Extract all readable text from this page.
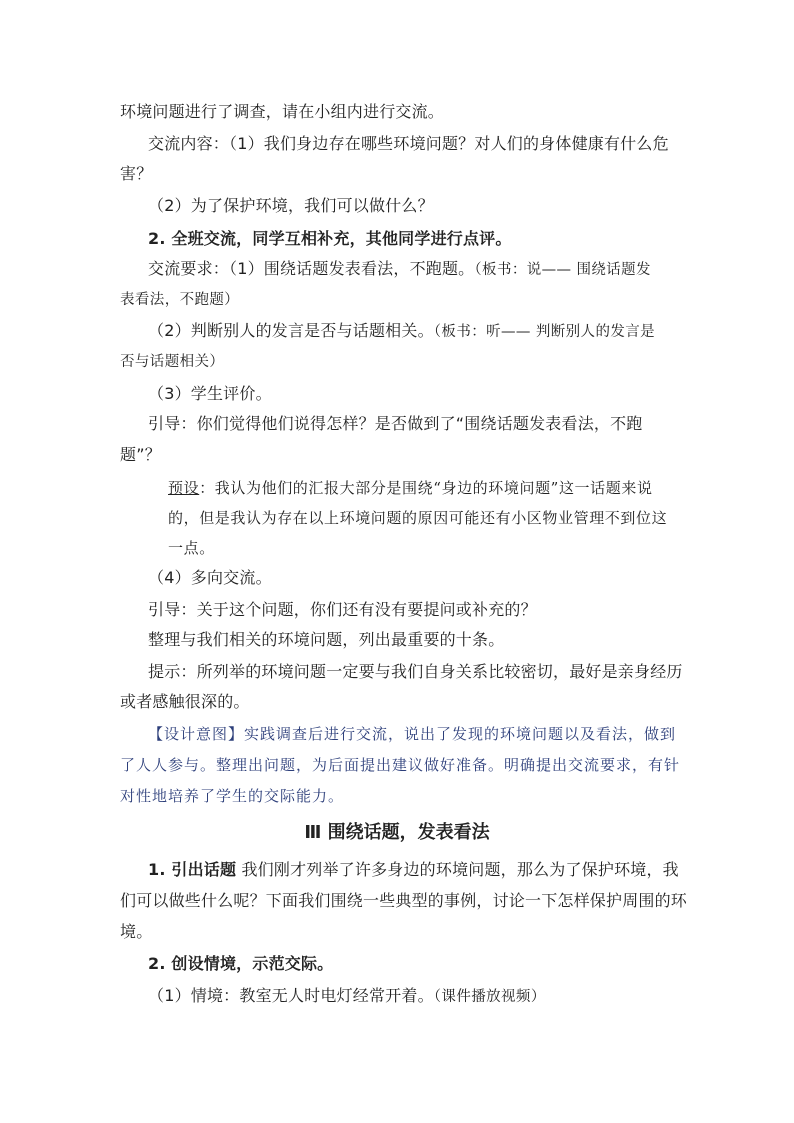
环境问题进行了调查，请在小组内进行交流。
交流内容：（1）我们身边存在哪些环境问题？对人们的身体健康有什么危
害？
（2）为了保护环境，我们可以做什么？
2. 全班交流，同学互相补充，其他同学进行点评。
交流要求：（1）围绕话题发表看法，不跑题。（板书：说—— 围绕话题发
表看法，不跑题）
（2）判断别人的发言是否与话题相关。（板书：听—— 判断别人的发言是
否与话题相关）
（3）学生评价。
引导：你们觉得他们说得怎样？是否做到了“围绕话题发表看法，不跑
题”？
预设：我认为他们的汇报大部分是围绕“身边的环境问题”这一话题来说
的，但是我认为存在以上环境问题的原因可能还有小区物业管理不到位这
一点。
（4）多向交流。
引导：关于这个问题，你们还有没有要提问或补充的？
整理与我们相关的环境问题，列出最重要的十条。
提示：所列举的环境问题一定要与我们自身关系比较密切，最好是亲身经历
或者感触很深的。
【设计意图】实践调查后进行交流，说出了发现的环境问题以及看法，做到
了人人参与。整理出问题，为后面提出建议做好准备。明确提出交流要求，有针
对性地培养了学生的交际能力。
Ⅲ 围绕话题，发表看法
1. 引出话题 我们刚才列举了许多身边的环境问题，那么为了保护环境，我
们可以做些什么呢？下面我们围绕一些典型的事例，讨论一下怎样保护周围的环
境。
2. 创设情境，示范交际。
（1）情境：教室无人时电灯经常开着。（课件播放视频）
